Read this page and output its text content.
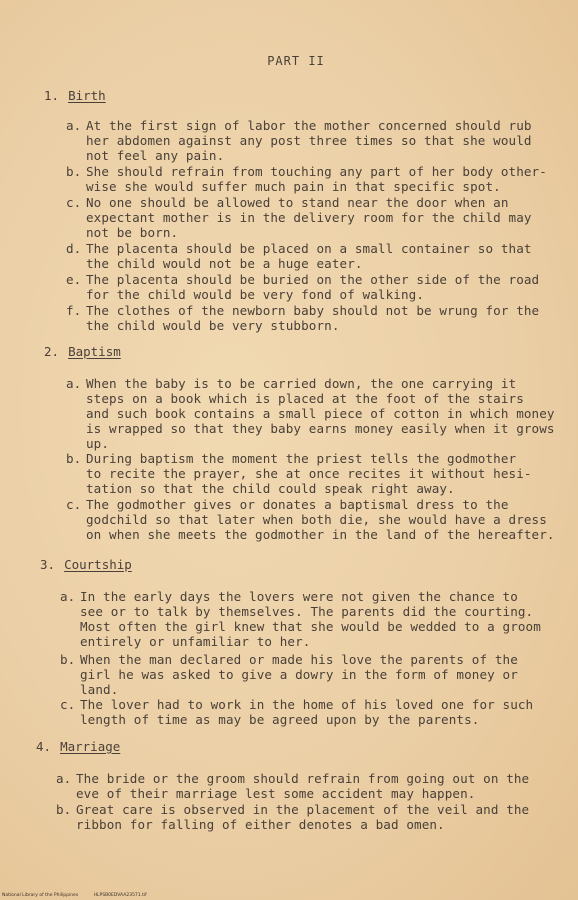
PART II
1. Birth
a. At the first sign of labor the mother concerned should rub
her abdomen against any post three times so that she would
not feel any pain.
b. She should refrain from touching any part of her body other-
wise she would suffer much pain in that specific spot.
c. No one should be allowed to stand near the door when an
expectant mother is in the delivery room for the child may
not be born.
d. The placenta should be placed on a small container so that
the child would not be a huge eater.
e. The placenta should be buried on the other side of the road
for the child would be very fond of walking.
f. The clothes of the newborn baby should not be wrung for the
the child would be very stubborn.
2. Baptism
a. When the baby is to be carried down, the one carrying it
steps on a book which is placed at the foot of the stairs
and such book contains a small piece of cotton in which money
is wrapped so that they baby earns money easily when it grows
up.
b. During baptism the moment the priest tells the godmother
to recite the prayer, she at once recites it without hesi-
tation so that the child could speak right away.
c. The godmother gives or donates a baptismal dress to the
godchild so that later when both die, she would have a dress
on when she meets the godmother in the land of the hereafter.
3. Courtship
a. In the early days the lovers were not given the chance to
see or to talk by themselves. The parents did the courting.
Most often the girl knew that she would be wedded to a groom
entirely or unfamiliar to her.
b. When the man declared or made his love the parents of the
girl he was asked to give a dowry in the form of money or
land.
c. The lover had to work in the home of his loved one for such
length of time as may be agreed upon by the parents.
4. Marriage
a. The bride or the groom should refrain from going out on the
eve of their marriage lest some accident may happen.
b. Great care is observed in the placement of the veil and the
ribbon for falling of either denotes a bad omen.
National Library of the Philippines	HLPSB0EDVAA23571.tif
